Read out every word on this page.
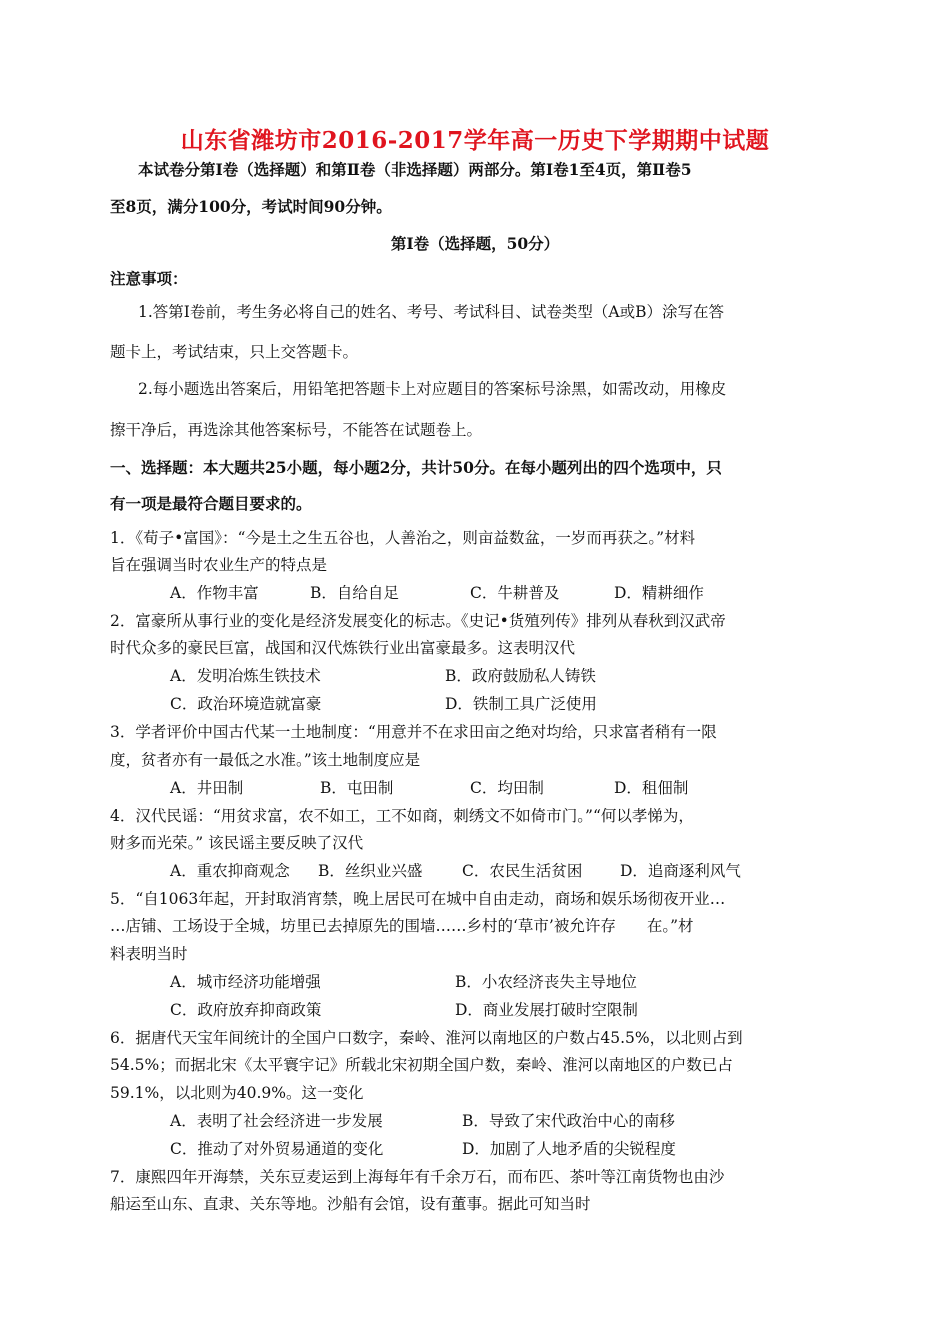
山东省潍坊市2016-2017学年高一历史下学期期中试题
本试卷分第Ⅰ卷（选择题）和第Ⅱ卷（非选择题）两部分。第Ⅰ卷1至4页，第Ⅱ卷5
至8页，满分100分，考试时间90分钟。
第Ⅰ卷（选择题，50分）
注意事项：
1.答第Ⅰ卷前，考生务必将自己的姓名、考号、考试科目、试卷类型（A或B）涂写在答
题卡上，考试结束，只上交答题卡。
2.每小题选出答案后，用铅笔把答题卡上对应题目的答案标号涂黑，如需改动，用橡皮
擦干净后，再选涂其他答案标号，不能答在试题卷上。
一、选择题：本大题共25小题，每小题2分，共计50分。在每小题列出的四个选项中，只
有一项是最符合题目要求的。
1．《荀子•富国》：“今是土之生五谷也，人善治之，则亩益数盆，一岁而再获之。”材料
旨在强调当时农业生产的特点是
A．作物丰富	B．自给自足	C．牛耕普及	D．精耕细作
2．富豪所从事行业的变化是经济发展变化的标志。《史记•货殖列传》排列从春秋到汉武帝
时代众多的豪民巨富，战国和汉代炼铁行业出富豪最多。这表明汉代
A．发明冶炼生铁技术	B．政府鼓励私人铸铁
C．政治环境造就富豪	D．铁制工具广泛使用
3．学者评价中国古代某一土地制度：“用意并不在求田亩之绝对均给，只求富者稍有一限
度，贫者亦有一最低之水准。”该土地制度应是
A．井田制	B．屯田制	C．均田制	D．租佃制
4．汉代民谣：“用贫求富，农不如工，工不如商，刺绣文不如倚市门。”“何以孝悌为，
财多而光荣。” 该民谣主要反映了汉代
A．重农抑商观念 B．丝织业兴盛	C．农民生活贫困 D．追商逐利风气
5．“自1063年起，开封取消宵禁，晚上居民可在城中自由走动，商场和娱乐场彻夜开业…
…店铺、工场设于全城，坊里已去掉原先的围墙……乡村的‘草市’被允许存　　在。”材
料表明当时
A．城市经济功能增强	B．小农经济丧失主导地位
C．政府放弃抑商政策	D．商业发展打破时空限制
6．据唐代天宝年间统计的全国户口数字，秦岭、淮河以南地区的户数占45.5%，以北则占到
54.5%；而据北宋《太平寰宇记》所载北宋初期全国户数，秦岭、淮河以南地区的户数已占
59.1%，以北则为40.9%。这一变化
A．表明了社会经济进一步发展	B．导致了宋代政治中心的南移
C．推动了对外贸易通道的变化	D．加剧了人地矛盾的尖锐程度
7．康熙四年开海禁，关东豆麦运到上海每年有千余万石，而布匹、茶叶等江南货物也由沙
船运至山东、直隶、关东等地。沙船有会馆，设有董事。据此可知当时
